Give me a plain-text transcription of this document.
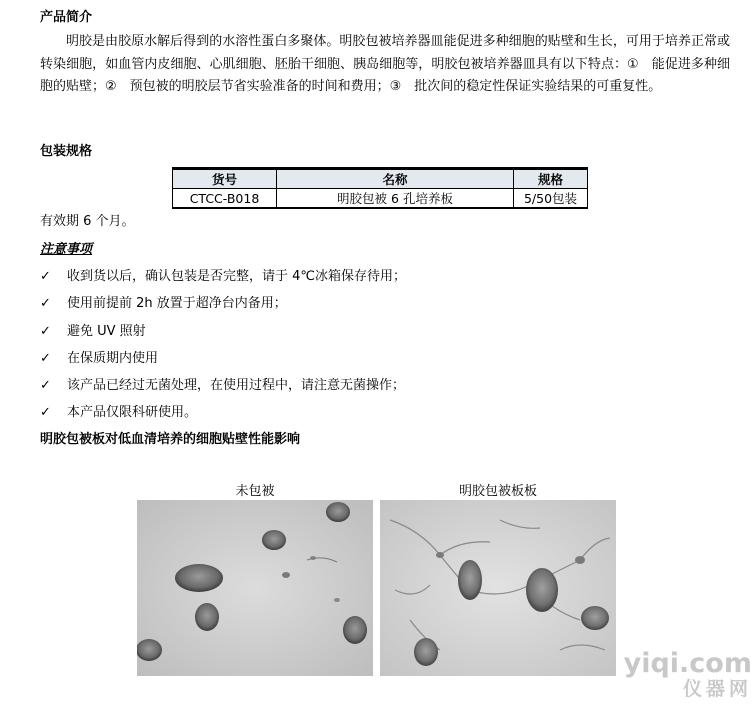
产品简介
明胶是由胶原水解后得到的水溶性蛋白多聚体。明胶包被培养器皿能促进多种细胞的贴壁和生长，可用于培养正常或转染细胞，如血管内皮细胞、心肌细胞、胚胎干细胞、胰岛细胞等，明胶包被培养器皿具有以下特点：①　能促进多种细胞的贴壁；②　预包被的明胶层节省实验准备的时间和费用；③　批次间的稳定性保证实验结果的可重复性。
包装规格
货号	名称	规格
CTCC-B018	明胶包被 6 孔培养板	5/50包装
有效期 6 个月。
注意事项
✓ 收到货以后，确认包装是否完整，请于 4℃冰箱保存待用；
✓ 使用前提前 2h 放置于超净台内备用；
✓ 避免 UV 照射
✓ 在保质期内使用
✓ 该产品已经过无菌处理，在使用过程中，请注意无菌操作；
✓ 本产品仅限科研使用。
明胶包被板对低血清培养的细胞贴壁性能影响
未包被	明胶包被板板
yiqi.com
仪器网
